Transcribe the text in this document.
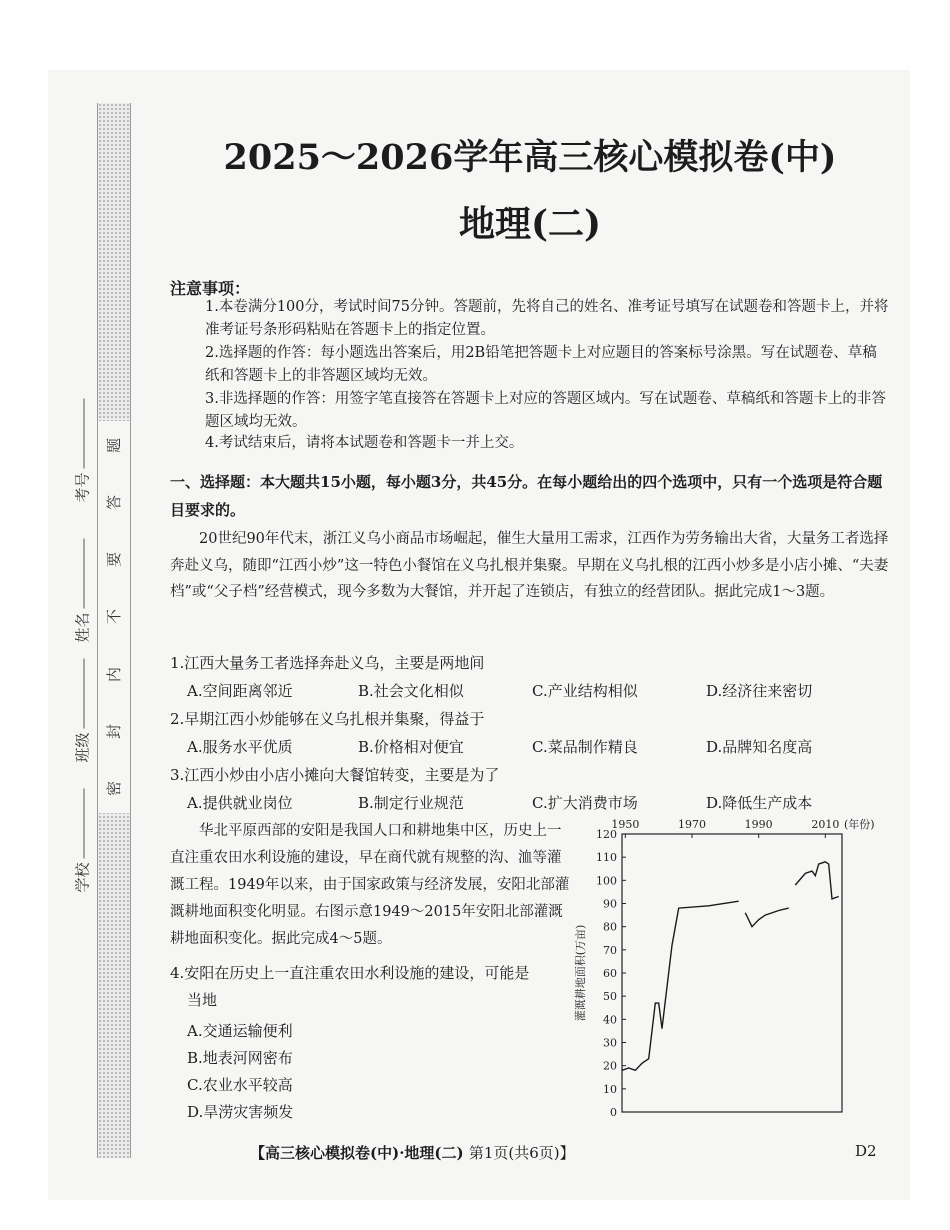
题
答
要
不
内
封
密
学校
班级
姓名
考号
2025～2026学年高三核心模拟卷(中)
地理(二)
注意事项：
1.本卷满分100分，考试时间75分钟。答题前，先将自己的姓名、准考证号填写在试题卷和答题卡上，并将准考证号条形码粘贴在答题卡上的指定位置。
2.选择题的作答：每小题选出答案后，用2B铅笔把答题卡上对应题目的答案标号涂黑。写在试题卷、草稿纸和答题卡上的非答题区域均无效。
3.非选择题的作答：用签字笔直接答在答题卡上对应的答题区域内。写在试题卷、草稿纸和答题卡上的非答题区域均无效。
4.考试结束后，请将本试题卷和答题卡一并上交。
一、选择题：本大题共15小题，每小题3分，共45分。在每小题给出的四个选项中，只有一个选项是符合题目要求的。
20世纪90年代末，浙江义乌小商品市场崛起，催生大量用工需求，江西作为劳务输出大省，大量务工者选择奔赴义乌，随即“江西小炒”这一特色小餐馆在义乌扎根并集聚。早期在义乌扎根的江西小炒多是小店小摊、“夫妻档”或“父子档”经营模式，现今多数为大餐馆，并开起了连锁店，有独立的经营团队。据此完成1～3题。
1.江西大量务工者选择奔赴义乌，主要是两地间
A.空间距离邻近	B.社会文化相似	C.产业结构相似	D.经济往来密切
2.早期江西小炒能够在义乌扎根并集聚，得益于
A.服务水平优质	B.价格相对便宜	C.菜品制作精良	D.品牌知名度高
3.江西小炒由小店小摊向大餐馆转变，主要是为了
A.提供就业岗位	B.制定行业规范	C.扩大消费市场	D.降低生产成本
华北平原西部的安阳是我国人口和耕地集中区，历史上一直注重农田水利设施的建设，早在商代就有规整的沟、洫等灌溉工程。1949年以来，由于国家政策与经济发展，安阳北部灌溉耕地面积变化明显。右图示意1949～2015年安阳北部灌溉耕地面积变化。据此完成4～5题。
4.安阳在历史上一直注重农田水利设施的建设，可能是
当地
A.交通运输便利
B.地表河网密布
C.农业水平较高
D.旱涝灾害频发	0
10
20
30
40
50
60
70
80
90
100
110
120
1950	1970	1990	2010 (年份)
灌溉耕地面积(万亩)
【高三核心模拟卷(中)·地理(二) 第1页(共6页)】	D2
